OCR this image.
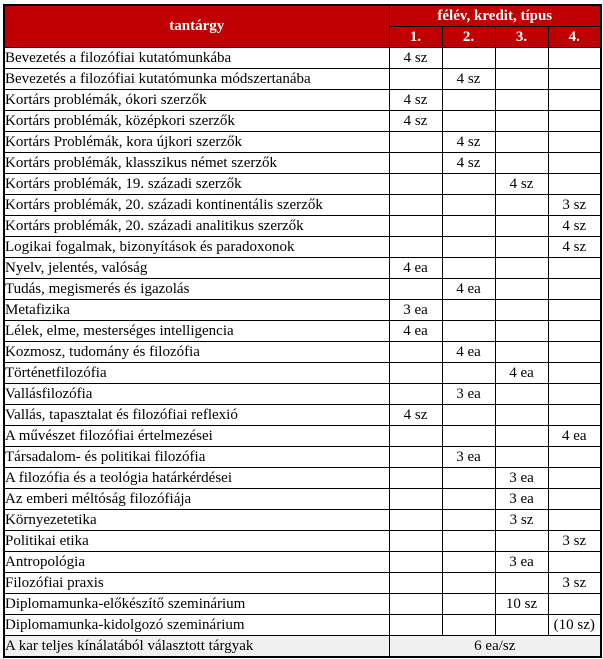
tantárgy	félév, kredit, típus			
	1.	2.	3.	4.
Bevezetés a filozófiai kutatómunkába	4 sz			
Bevezetés a filozófiai kutatómunka módszertanába		4 sz		
Kortárs problémák, ókori szerzők	4 sz			
Kortárs problémák, középkori szerzők	4 sz			
Kortárs Problémák, kora újkori szerzők		4 sz		
Kortárs problémák, klasszikus német szerzők		4 sz		
Kortárs problémák, 19. századi szerzők			4 sz	
Kortárs problémák, 20. századi kontinentális szerzők				3 sz
Kortárs problémák, 20. századi analitikus szerzők				4 sz
Logikai fogalmak, bizonyítások és paradoxonok				4 sz
Nyelv, jelentés, valóság	4 ea			
Tudás, megismerés és igazolás		4 ea		
Metafizika	3 ea			
Lélek, elme, mesterséges intelligencia	4 ea			
Kozmosz, tudomány és filozófia		4 ea		
Történetfilozófia			4 ea	
Vallásfilozófia		3 ea		
Vallás, tapasztalat és filozófiai reflexió	4 sz			
A művészet filozófiai értelmezései				4 ea
Társadalom- és politikai filozófia		3 ea		
A filozófia és a teológia határkérdései			3 ea	
Az emberi méltóság filozófiája			3 ea	
Környezetetika			3 sz	
Politikai etika				3 sz
Antropológia			3 ea	
Filozófiai praxis				3 sz
Diplomamunka-előkészítő szeminárium			10 sz	
Diplomamunka-kidolgozó szeminárium				(10 sz)
A kar teljes kínálatából választott tárgyak	6 ea/sz			
